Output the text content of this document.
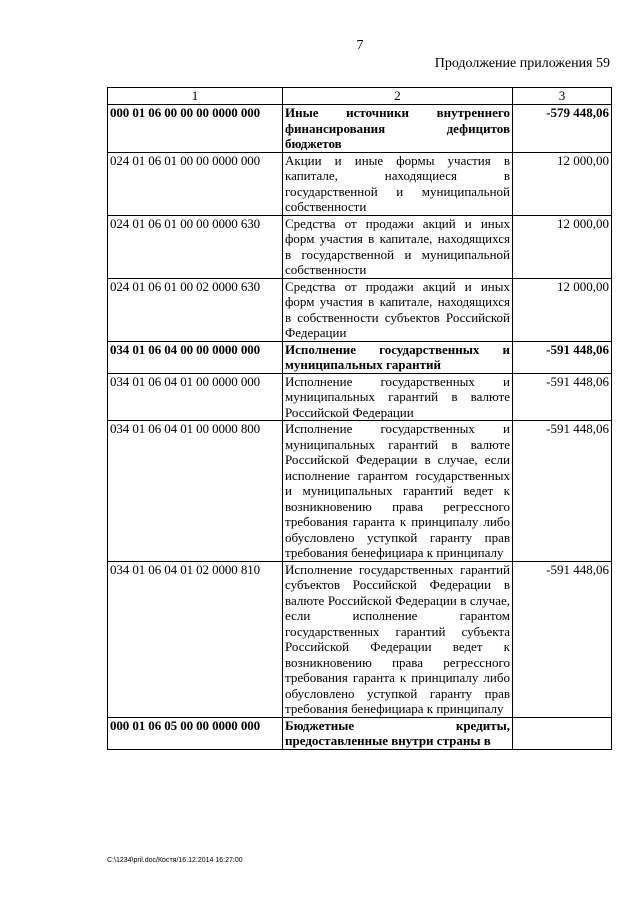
7
Продолжение приложения 59
1	2	3
000 01 06 00 00 00 0000 000	Иные источники внутреннего финансирования дефицитов бюджетов	-579 448,06
024 01 06 01 00 00 0000 000	Акции и иные формы участия в капитале, находящиеся в государственной и муниципальной собственности	12 000,00
024 01 06 01 00 00 0000 630	Средства от продажи акций и иных форм участия в капитале, находящихся в государственной и муниципальной собственности	12 000,00
024 01 06 01 00 02 0000 630	Средства от продажи акций и иных форм участия в капитале, находящихся в собственности субъектов Российской Федерации	12 000,00
034 01 06 04 00 00 0000 000	Исполнение государственных и муниципальных гарантий	-591 448,06
034 01 06 04 01 00 0000 000	Исполнение государственных и муниципальных гарантий в валюте Российской Федерации	-591 448,06
034 01 06 04 01 00 0000 800	Исполнение государственных и муниципальных гарантий в валюте Российской Федерации в случае, если исполнение гарантом государственных и муниципальных гарантий ведет к возникновению права регрессного требования гаранта к принципалу либо обусловлено уступкой гаранту прав требования бенефициара к принципалу	-591 448,06
034 01 06 04 01 02 0000 810	Исполнение государственных гарантий субъектов Российской Федерации в валюте Российской Федерации в случае, если исполнение гарантом государственных гарантий субъекта Российской Федерации ведет к возникновению права регрессного требования гаранта к принципалу либо обусловлено уступкой гаранту прав требования бенефициара к принципалу	-591 448,06
000 01 06 05 00 00 0000 000	Бюджетные кредиты, предоставленные внутри страны в	
C:\1234\pril.doc/Костя/16.12.2014 16:27:00
